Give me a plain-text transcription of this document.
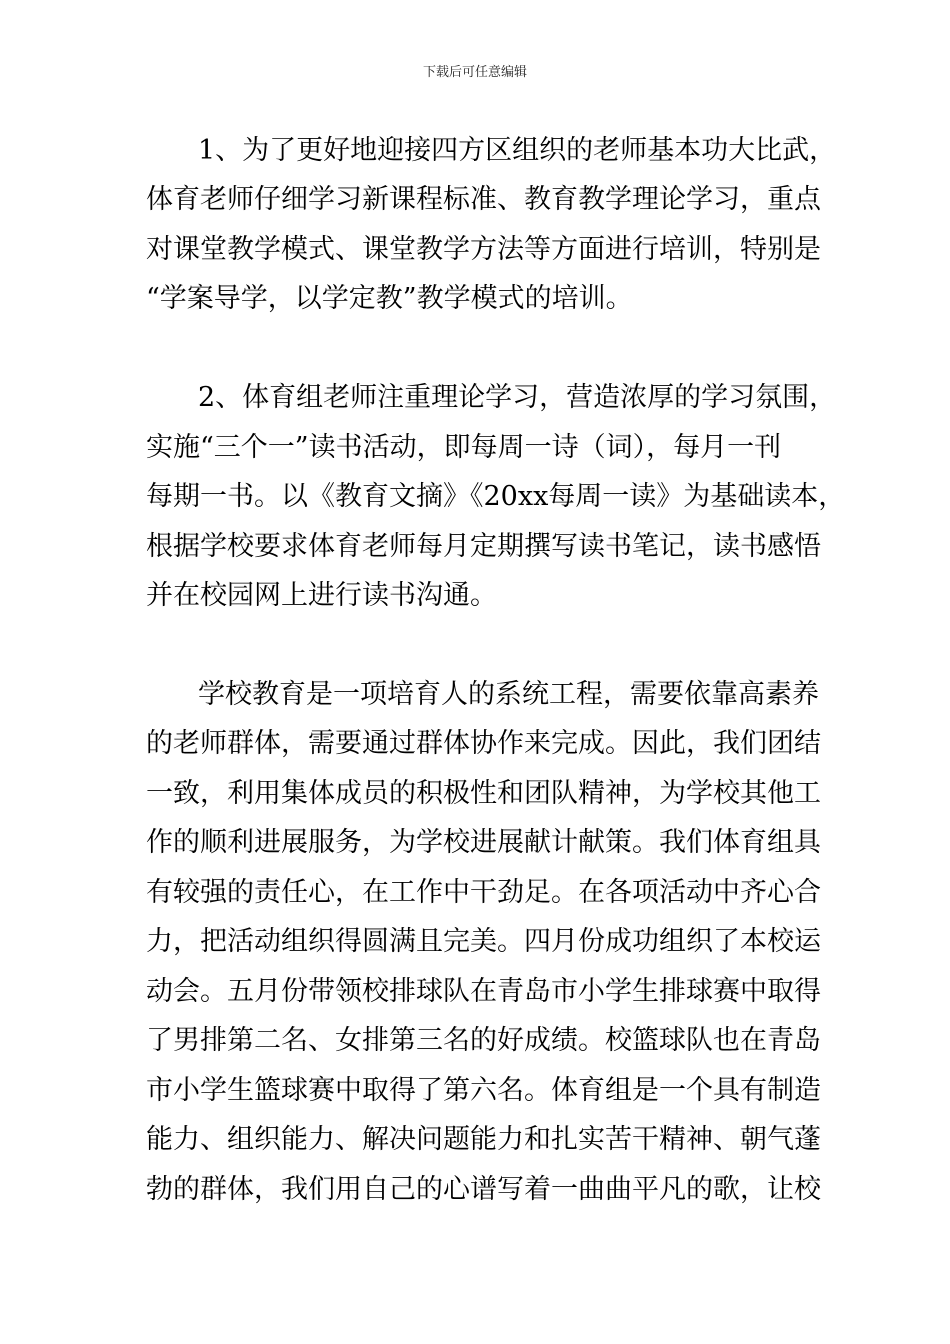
下载后可任意编辑
1、为了更好地迎接四方区组织的老师基本功大比武，
体育老师仔细学习新课程标准、教育教学理论学习，重点
对课堂教学模式、课堂教学方法等方面进行培训，特别是
“学案导学，以学定教”教学模式的培训。
2、体育组老师注重理论学习，营造浓厚的学习氛围，
实施“三个一”读书活动，即每周一诗（词），每月一刊
每期一书。以《教育文摘》《20xx每周一读》为基础读本，
根据学校要求体育老师每月定期撰写读书笔记，读书感悟
并在校园网上进行读书沟通。
学校教育是一项培育人的系统工程，需要依靠高素养
的老师群体，需要通过群体协作来完成。因此，我们团结
一致，利用集体成员的积极性和团队精神，为学校其他工
作的顺利进展服务，为学校进展献计献策。我们体育组具
有较强的责任心，在工作中干劲足。在各项活动中齐心合
力，把活动组织得圆满且完美。四月份成功组织了本校运
动会。五月份带领校排球队在青岛市小学生排球赛中取得
了男排第二名、女排第三名的好成绩。校篮球队也在青岛
市小学生篮球赛中取得了第六名。体育组是一个具有制造
能力、组织能力、解决问题能力和扎实苦干精神、朝气蓬
勃的群体，我们用自己的心谱写着一曲曲平凡的歌，让校
